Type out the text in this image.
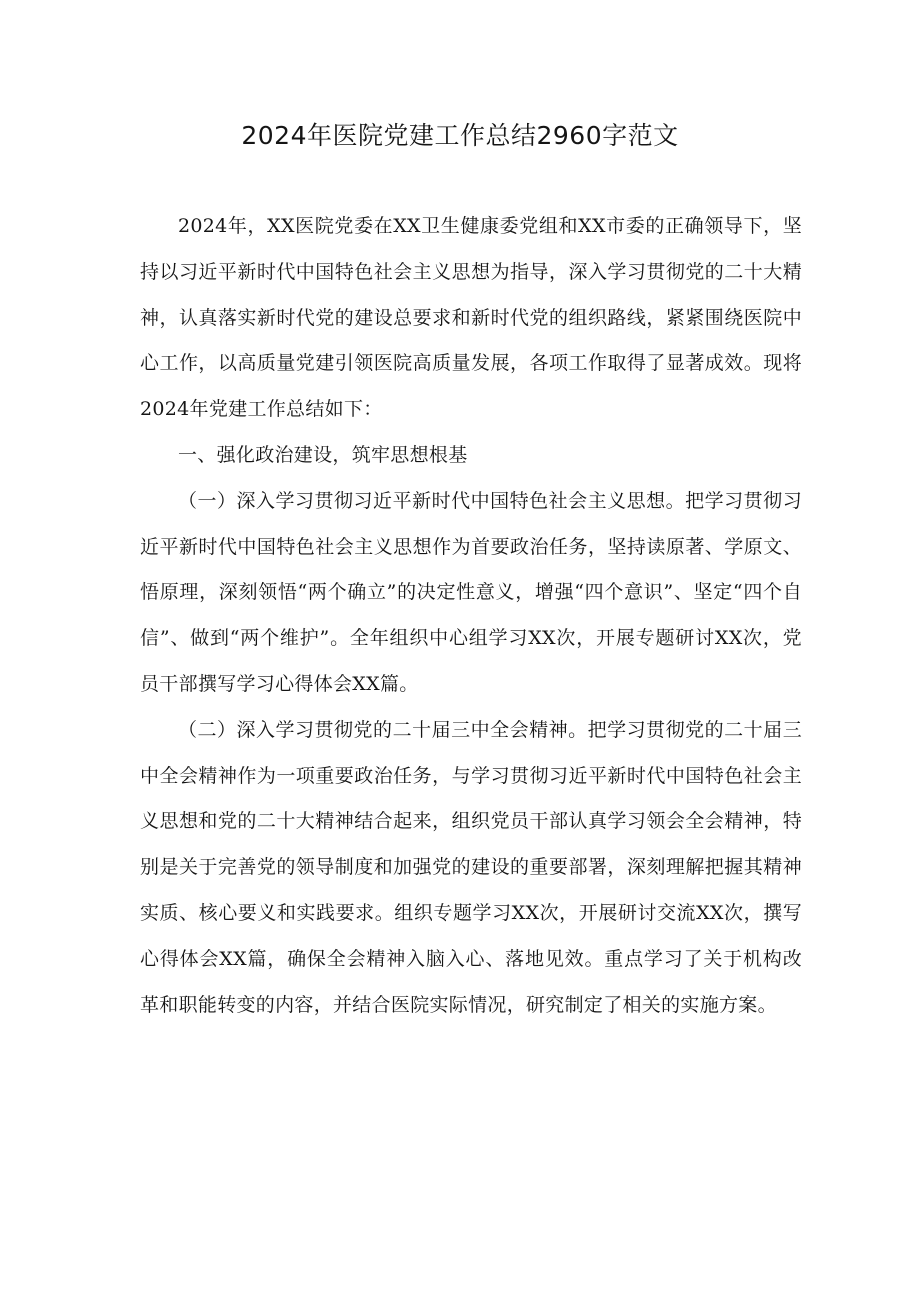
2024年医院党建工作总结2960字范文

2024年，XX医院党委在XX卫生健康委党组和XX市委的正确领导下，坚持以习近平新时代中国特色社会主义思想为指导，深入学习贯彻党的二十大精神，认真落实新时代党的建设总要求和新时代党的组织路线，紧紧围绕医院中心工作，以高质量党建引领医院高质量发展，各项工作取得了显著成效。现将2024年党建工作总结如下：

一、强化政治建设，筑牢思想根基

（一）深入学习贯彻习近平新时代中国特色社会主义思想。把学习贯彻习近平新时代中国特色社会主义思想作为首要政治任务，坚持读原著、学原文、悟原理，深刻领悟“两个确立”的决定性意义，增强“四个意识”、坚定“四个自信”、做到“两个维护”。全年组织中心组学习XX次，开展专题研讨XX次，党员干部撰写学习心得体会XX篇。

（二）深入学习贯彻党的二十届三中全会精神。把学习贯彻党的二十届三中全会精神作为一项重要政治任务，与学习贯彻习近平新时代中国特色社会主义思想和党的二十大精神结合起来，组织党员干部认真学习领会全会精神，特别是关于完善党的领导制度和加强党的建设的重要部署，深刻理解把握其精神实质、核心要义和实践要求。组织专题学习XX次，开展研讨交流XX次，撰写心得体会XX篇，确保全会精神入脑入心、落地见效。重点学习了关于机构改革和职能转变的内容，并结合医院实际情况，研究制定了相关的实施方案。
